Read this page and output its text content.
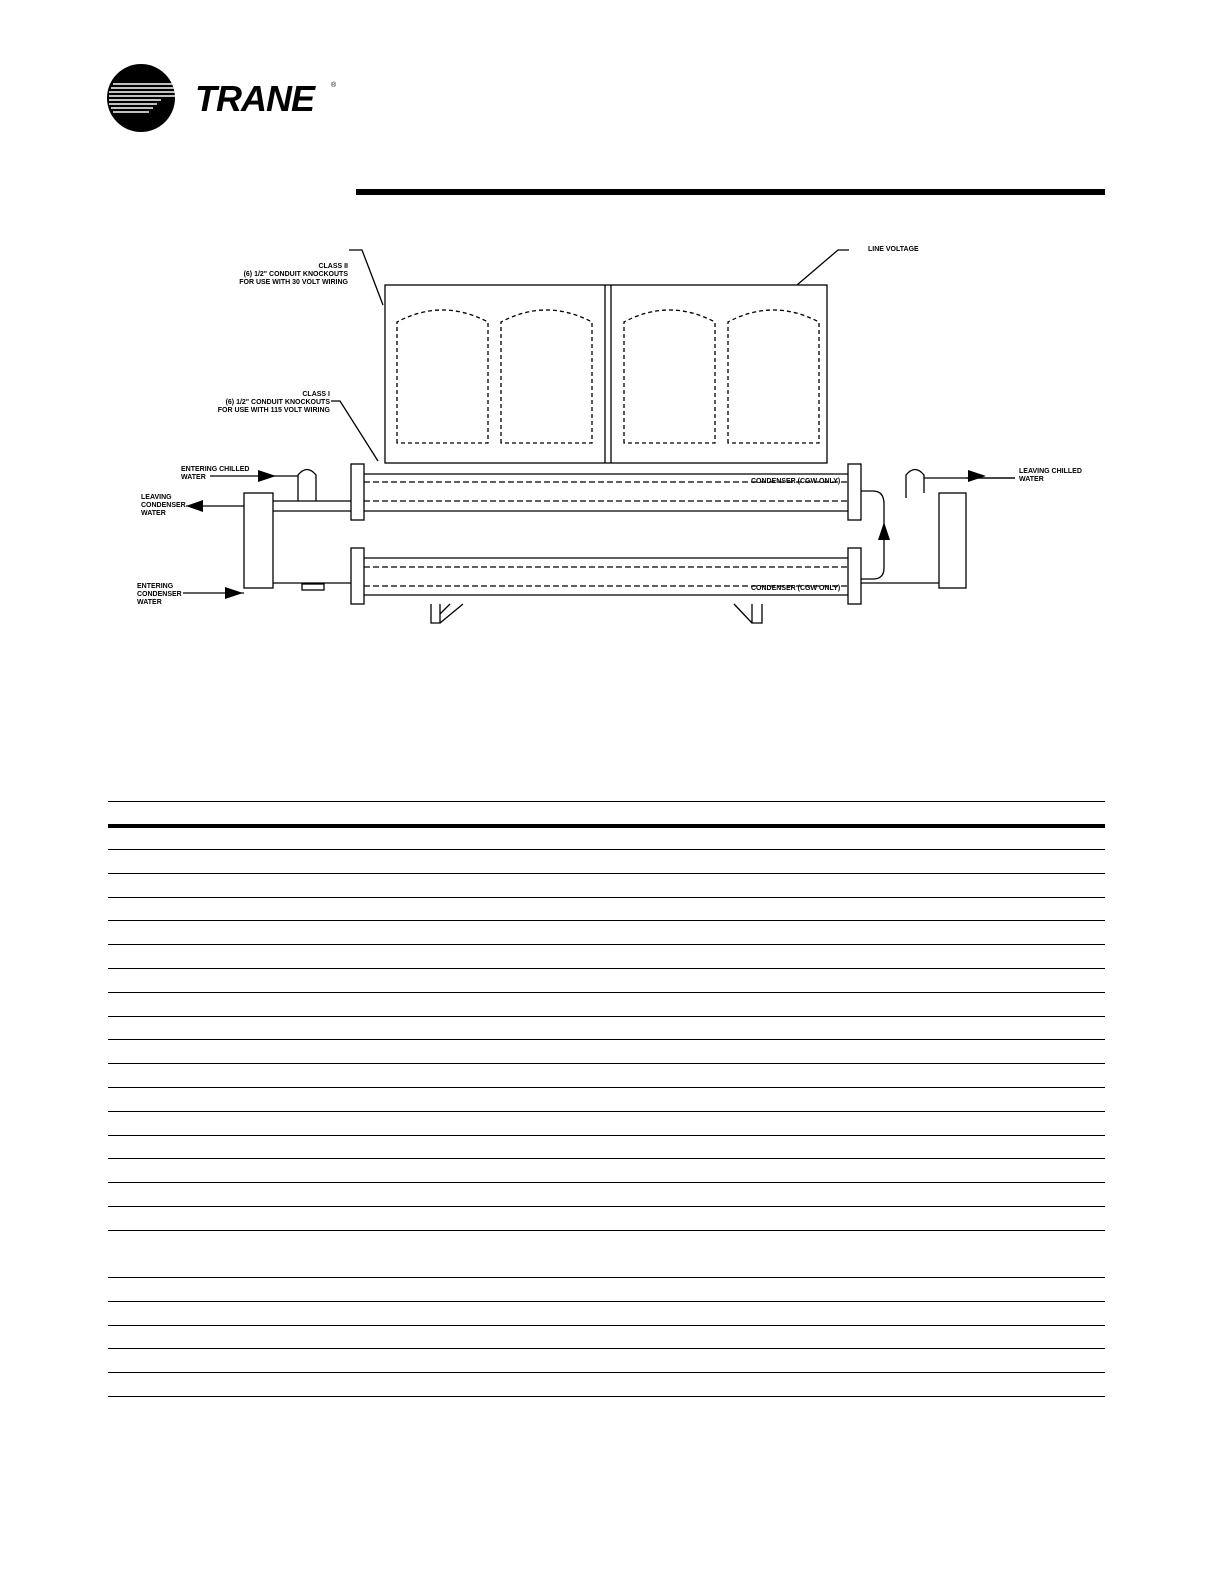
TRANE ®
CLASS II
(6) 1/2" CONDUIT KNOCKOUTS
FOR USE WITH 30 VOLT WIRING
LINE VOLTAGE
CLASS I
(6) 1/2" CONDUIT KNOCKOUTS
FOR USE WITH 115 VOLT WIRING
ENTERING CHILLED
WATER
LEAVING
CONDENSER
WATER
ENTERING
CONDENSER
WATER
LEAVING CHILLED
WATER
CONDENSER (CGW ONLY)
CONDENSER (CGW ONLY)
